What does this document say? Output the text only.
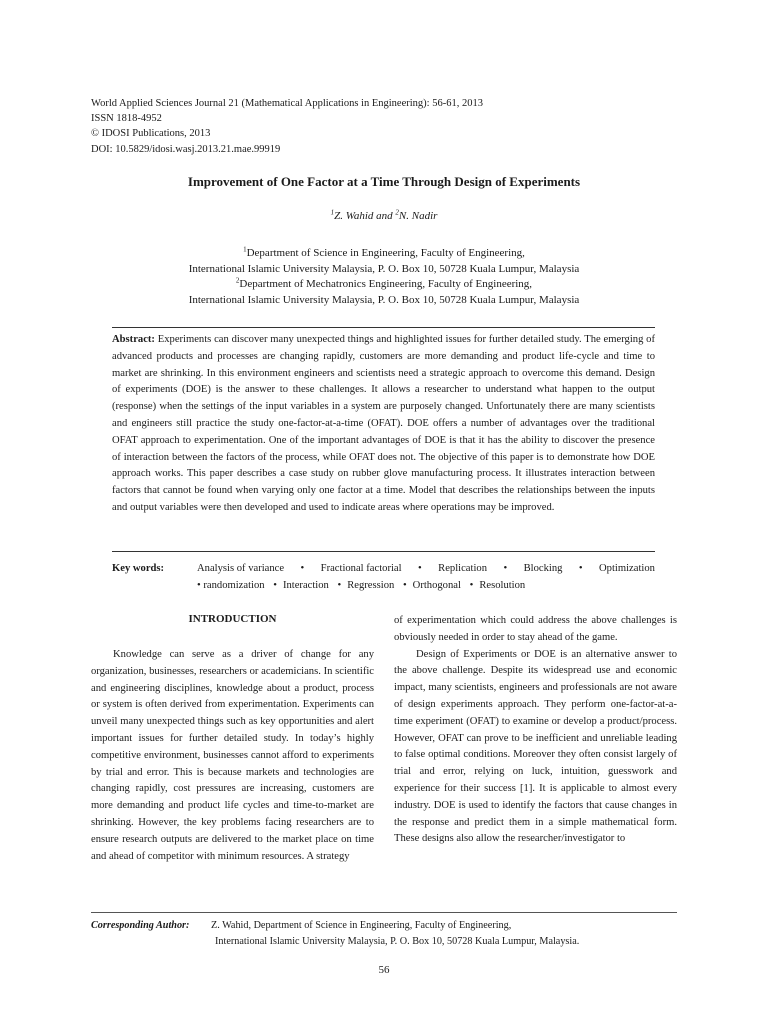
World Applied Sciences Journal 21 (Mathematical Applications in Engineering): 56-61, 2013
ISSN 1818-4952
© IDOSI Publications, 2013
DOI: 10.5829/idosi.wasj.2013.21.mae.99919
Improvement of One Factor at a Time Through Design of Experiments
$^1$Z. Wahid and $^2$N. Nadir
$^1$Department of Science in Engineering, Faculty of Engineering,
International Islamic University Malaysia, P. O. Box 10, 50728 Kuala Lumpur, Malaysia
$^2$Department of Mechatronics Engineering, Faculty of Engineering,
International Islamic University Malaysia, P. O. Box 10, 50728 Kuala Lumpur, Malaysia
Abstract: Experiments can discover many unexpected things and highlighted issues for further detailed study. The emerging of advanced products and processes are changing rapidly, customers are more demanding and product life-cycle and time to market are shrinking. In this environment engineers and scientists need a strategic approach to overcome this demand. Design of experiments (DOE) is the answer to these challenges. It allows a researcher to understand what happen to the output (response) when the settings of the input variables in a system are purposely changed. Unfortunately there are many scientists and engineers still practice the study one-factor-at-a-time (OFAT). DOE offers a number of advantages over the traditional OFAT approach to experimentation. One of the important advantages of DOE is that it has the ability to discover the presence of interaction between the factors of the process, while OFAT does not. The objective of this paper is to demonstrate how DOE approach works. This paper describes a case study on rubber glove manufacturing process. It illustrates interaction between factors that cannot be found when varying only one factor at a time. Model that describes the relationships between the inputs and output variables were then developed and used to indicate areas where operations may be improved.
Key words:	Analysis of variance • Fractional factorial • Replication • Blocking • Optimization
• randomization • Interaction • Regression • Orthogonal • Resolution
INTRODUCTION

Knowledge can serve as a driver of change for any organization, businesses, researchers or academicians. In scientific and engineering disciplines, knowledge about a product, process or system is often derived from experimentation. Experiments can unveil many unexpected things such as key opportunities and alert important issues for further detailed study. In today’s highly competitive environment, businesses cannot afford to experiments by trial and error. This is because markets and technologies are changing rapidly, cost pressures are increasing, customers are more demanding and product life cycles and time-to-market are shrinking. However, the key problems facing researchers are to ensure research outputs are delivered to the market place on time and ahead of competitor with minimum resources. A strategy

of experimentation which could address the above challenges is obviously needed in order to stay ahead of the game.

Design of Experiments or DOE is an alternative answer to the above challenge. Despite its widespread use and economic impact, many scientists, engineers and professionals are not aware of design experiments approach. They perform one-factor-at-a-time experiment (OFAT) to examine or develop a product/process. However, OFAT can prove to be inefficient and unreliable leading to false optimal conditions. Moreover they often consist largely of trial and error, relying on luck, intuition, guesswork and experience for their success [1]. It is applicable to almost every industry. DOE is used to identify the factors that cause changes in the response and predict them in a simple mathematical form. These designs also allow the researcher/investigator to

Corresponding Author: Z. Wahid, Department of Science in Engineering, Faculty of Engineering,
International Islamic University Malaysia, P. O. Box 10, 50728 Kuala Lumpur, Malaysia.
56
